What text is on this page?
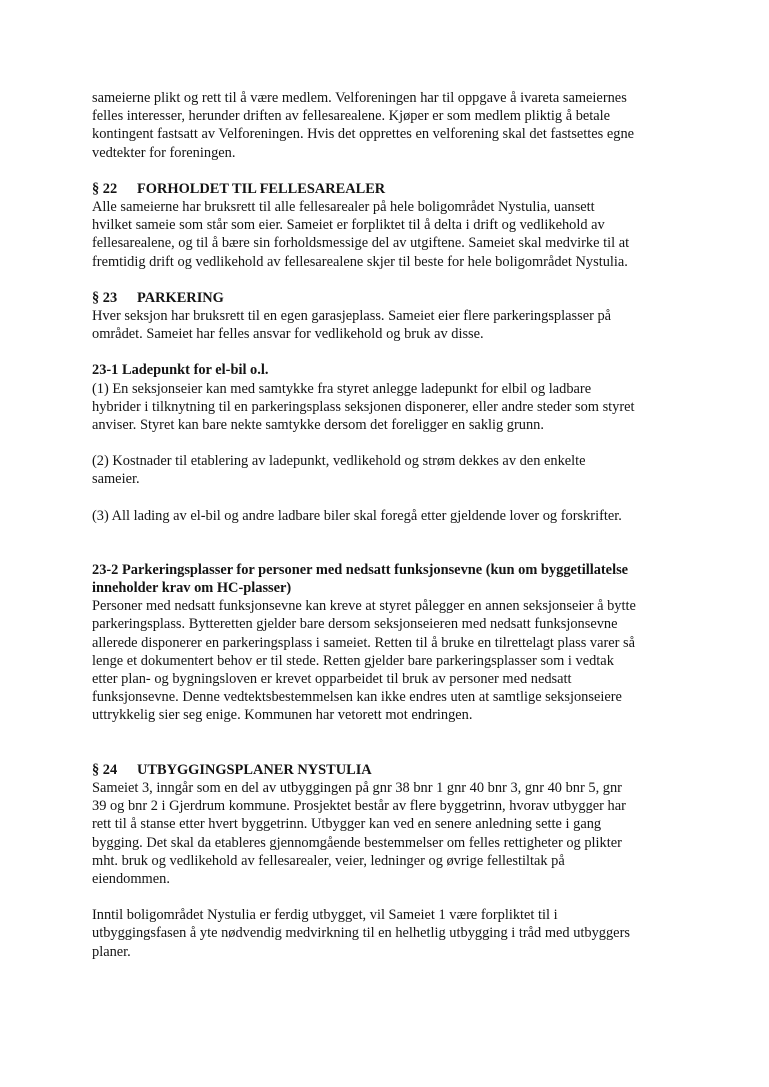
sameierne plikt og rett til å være medlem. Velforeningen har til oppgave å ivareta sameiernes
felles interesser, herunder driften av fellesarealene. Kjøper er som medlem pliktig å betale
kontingent fastsatt av Velforeningen. Hvis det opprettes en velforening skal det fastsettes egne
vedtekter for foreningen.

§ 22 FORHOLDET TIL FELLESAREALER

Alle sameierne har bruksrett til alle fellesarealer på hele boligområdet Nystulia, uansett
hvilket sameie som står som eier. Sameiet er forpliktet til å delta i drift og vedlikehold av
fellesarealene, og til å bære sin forholdsmessige del av utgiftene. Sameiet skal medvirke til at
fremtidig drift og vedlikehold av fellesarealene skjer til beste for hele boligområdet Nystulia.

§ 23 PARKERING

Hver seksjon har bruksrett til en egen garasjeplass. Sameiet eier flere parkeringsplasser på
området. Sameiet har felles ansvar for vedlikehold og bruk av disse.

23-1 Ladepunkt for el-bil o.l.

(1) En seksjonseier kan med samtykke fra styret anlegge ladepunkt for elbil og ladbare
hybrider i tilknytning til en parkeringsplass seksjonen disponerer, eller andre steder som styret
anviser. Styret kan bare nekte samtykke dersom det foreligger en saklig grunn.

(2) Kostnader til etablering av ladepunkt, vedlikehold og strøm dekkes av den enkelte
sameier.

(3) All lading av el-bil og andre ladbare biler skal foregå etter gjeldende lover og forskrifter.

23-2 Parkeringsplasser for personer med nedsatt funksjonsevne (kun om byggetillatelse
inneholder krav om HC-plasser)

Personer med nedsatt funksjonsevne kan kreve at styret pålegger en annen seksjonseier å bytte
parkeringsplass. Bytteretten gjelder bare dersom seksjonseieren med nedsatt funksjonsevne
allerede disponerer en parkeringsplass i sameiet. Retten til å bruke en tilrettelagt plass varer så
lenge et dokumentert behov er til stede. Retten gjelder bare parkeringsplasser som i vedtak
etter plan- og bygningsloven er krevet opparbeidet til bruk av personer med nedsatt
funksjonsevne. Denne vedtektsbestemmelsen kan ikke endres uten at samtlige seksjonseiere
uttrykkelig sier seg enige. Kommunen har vetorett mot endringen.

§ 24 UTBYGGINGSPLANER NYSTULIA

Sameiet 3, inngår som en del av utbyggingen på gnr 38 bnr 1 gnr 40 bnr 3, gnr 40 bnr 5, gnr
39 og bnr 2 i Gjerdrum kommune. Prosjektet består av flere byggetrinn, hvorav utbygger har
rett til å stanse etter hvert byggetrinn. Utbygger kan ved en senere anledning sette i gang
bygging. Det skal da etableres gjennomgående bestemmelser om felles rettigheter og plikter
mht. bruk og vedlikehold av fellesarealer, veier, ledninger og øvrige fellestiltak på
eiendommen.

Inntil boligområdet Nystulia er ferdig utbygget, vil Sameiet 1 være forpliktet til i
utbyggingsfasen å yte nødvendig medvirkning til en helhetlig utbygging i tråd med utbyggers
planer.
